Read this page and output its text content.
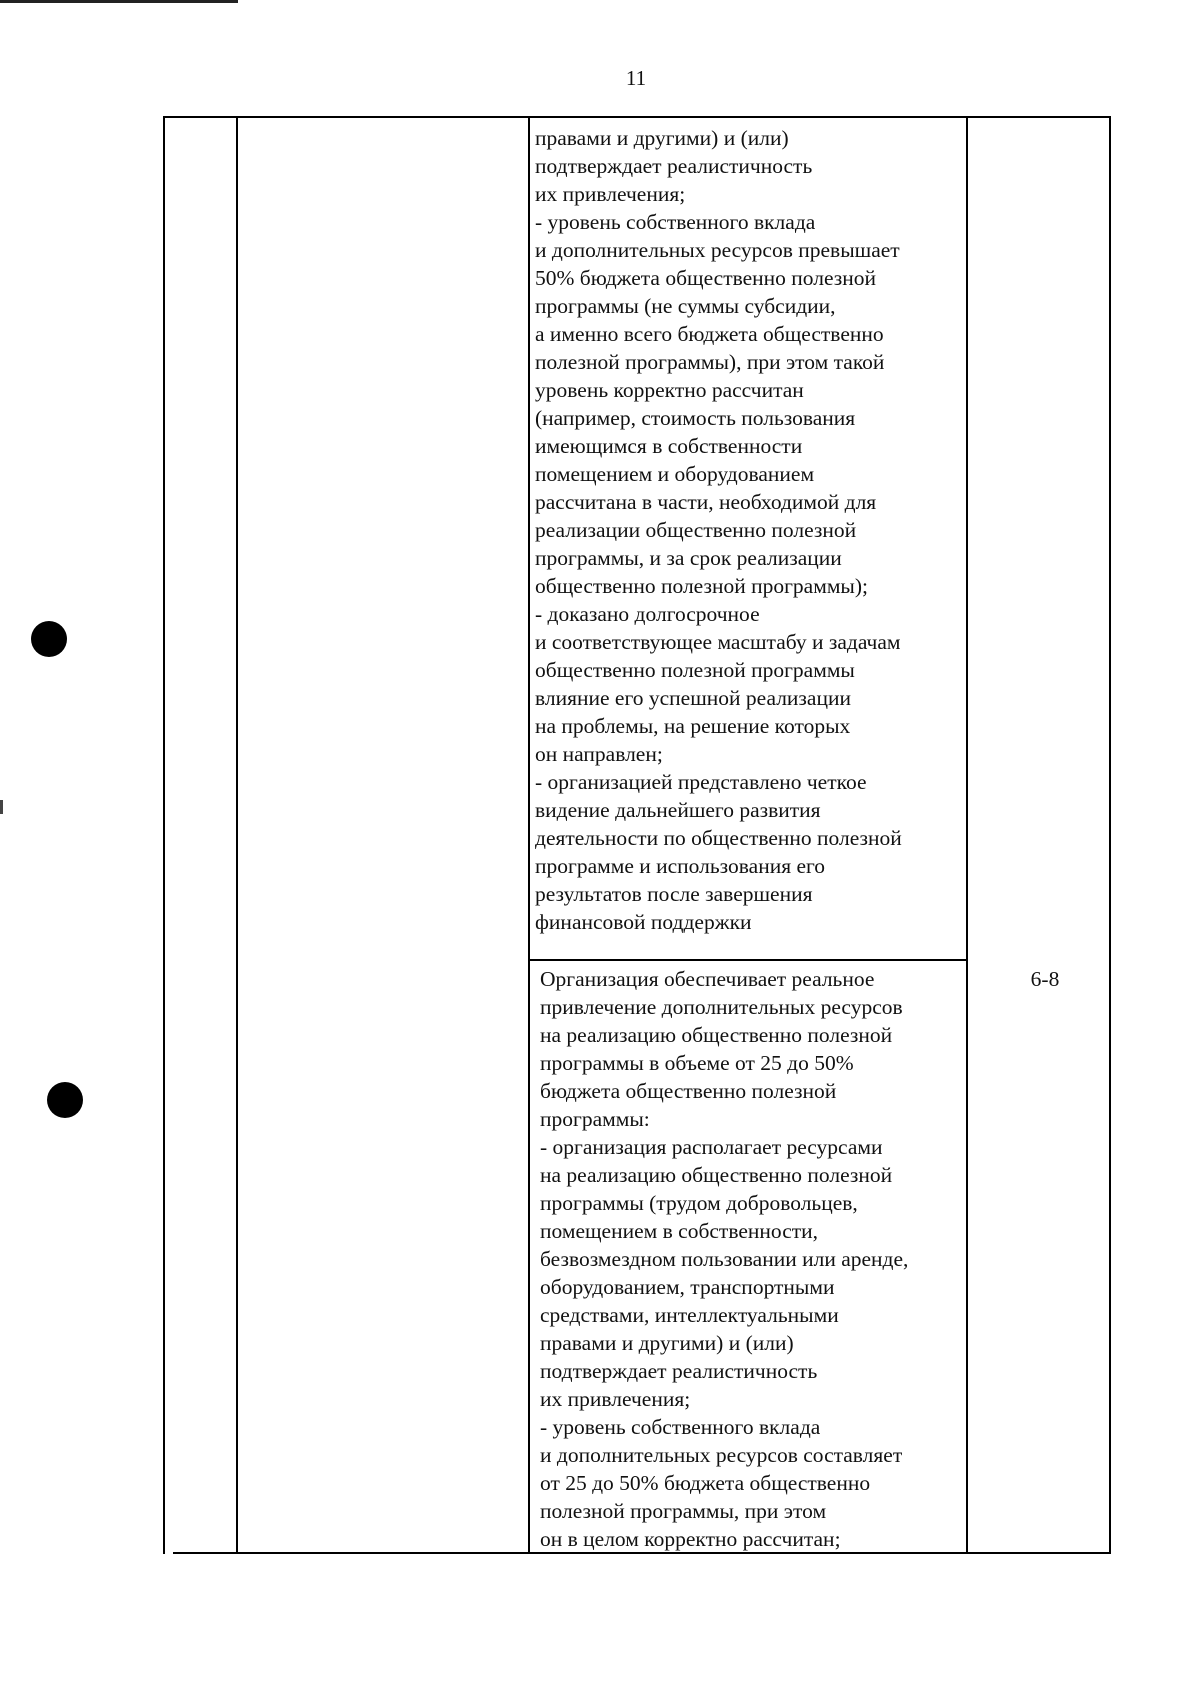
11
правами и другими) и (или)
подтверждает реалистичность
их привлечения;
- уровень собственного вклада
и дополнительных ресурсов превышает
50% бюджета общественно полезной
программы (не суммы субсидии,
а именно всего бюджета общественно
полезной программы), при этом такой
уровень корректно рассчитан
(например, стоимость пользования
имеющимся в собственности
помещением и оборудованием
рассчитана в части, необходимой для
реализации общественно полезной
программы, и за срок реализации
общественно полезной программы);
- доказано долгосрочное
и соответствующее масштабу и задачам
общественно полезной программы
влияние его успешной реализации
на проблемы, на решение которых
он направлен;
- организацией представлено четкое
видение дальнейшего развития
деятельности по общественно полезной
программе и использования его
результатов после завершения
финансовой поддержки
Организация обеспечивает реальное
привлечение дополнительных ресурсов
на реализацию общественно полезной
программы в объеме от 25 до 50%
бюджета общественно полезной
программы:
- организация располагает ресурсами
на реализацию общественно полезной
программы (трудом добровольцев,
помещением в собственности,
безвозмездном пользовании или аренде,
оборудованием, транспортными
средствами, интеллектуальными
правами и другими) и (или)
подтверждает реалистичность
их привлечения;
- уровень собственного вклада
и дополнительных ресурсов составляет
от 25 до 50% бюджета общественно
полезной программы, при этом
он в целом корректно рассчитан;
6-8
